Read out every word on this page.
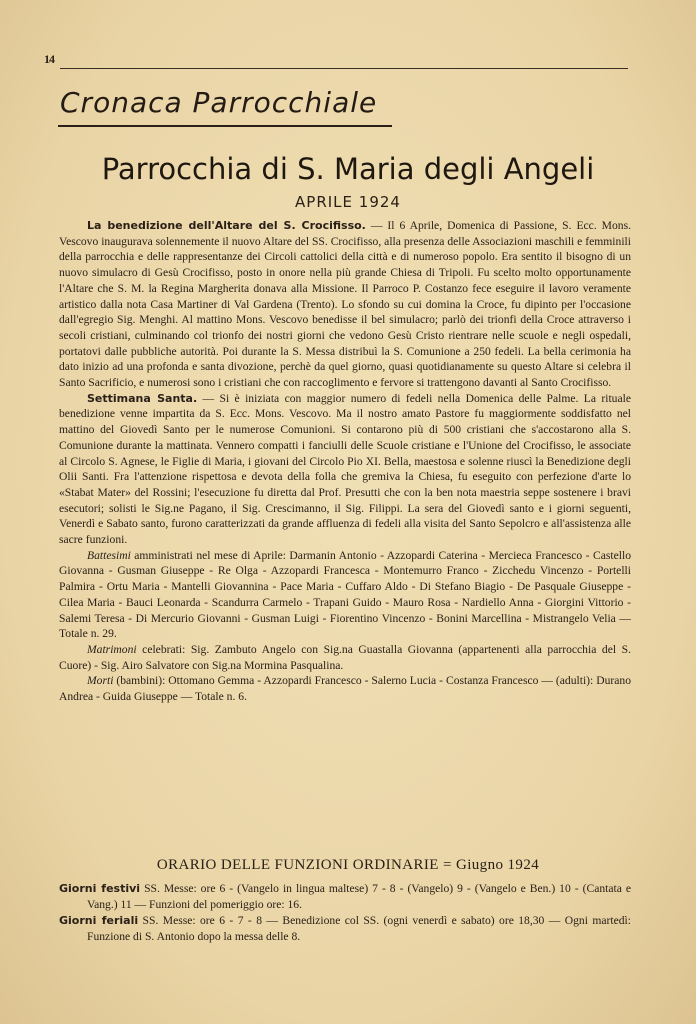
14
Cronaca Parrocchiale
Parrocchia di S. Maria degli Angeli
APRILE 1924

La benedizione dell'Altare del S. Crocifisso. — Il 6 Aprile, Domenica di Passione, S. Ecc. Mons. Vescovo inaugurava solennemente il nuovo Altare del SS. Crocifisso, alla presenza delle Associazioni maschili e femminili della parrocchia e delle rappresentanze dei Circoli cattolici della città e di numeroso popolo. Era sentito il bisogno di un nuovo simulacro di Gesù Crocifisso, posto in onore nella più grande Chiesa di Tripoli. Fu scelto molto opportunamente l'Altare che S. M. la Regina Margherita donava alla Missione. Il Parroco P. Costanzo fece eseguire il lavoro veramente artistico dalla nota Casa Martiner di Val Gardena (Trento). Lo sfondo su cui domina la Croce, fu dipinto per l'occasione dall'egregio Sig. Menghi. Al mattino Mons. Vescovo benedisse il bel simulacro; parlò dei trionfi della Croce attraverso i secoli cristiani, culminando col trionfo dei nostri giorni che vedono Gesù Cristo rientrare nelle scuole e negli ospedali, portatovi dalle pubbliche autorità. Poi durante la S. Messa distribuì la S. Comunione a 250 fedeli. La bella cerimonia ha dato inizio ad una profonda e santa divozione, perchè da quel giorno, quasi quotidianamente su questo Altare si celebra il Santo Sacrificio, e numerosi sono i cristiani che con raccoglimento e fervore si trattengono davanti al Santo Crocifisso.

Settimana Santa. — Si è iniziata con maggior numero di fedeli nella Domenica delle Palme. La rituale benedizione venne impartita da S. Ecc. Mons. Vescovo. Ma il nostro amato Pastore fu maggiormente soddisfatto nel mattino del Giovedì Santo per le numerose Comunioni. Si contarono più di 500 cristiani che s'accostarono alla S. Comunione durante la mattinata. Vennero compatti i fanciulli delle Scuole cristiane e l'Unione del Crocifisso, le associate al Circolo S. Agnese, le Figlie di Maria, i giovani del Circolo Pio XI. Bella, maestosa e solenne riuscì la Benedizione degli Olii Santi. Fra l'attenzione rispettosa e devota della folla che gremiva la Chiesa, fu eseguito con perfezione d'arte lo «Stabat Mater» del Rossini; l'esecuzione fu diretta dal Prof. Presutti che con la ben nota maestria seppe sostenere i bravi esecutori; solisti le Sig.ne Pagano, il Sig. Crescimanno, il Sig. Filippi. La sera del Giovedì santo e i giorni seguenti, Venerdì e Sabato santo, furono caratterizzati da grande affluenza di fedeli alla visita del Santo Sepolcro e all'assistenza alle sacre funzioni.

Battesimi amministrati nel mese di Aprile: Darmanin Antonio - Azzopardi Caterina - Mercieca Francesco - Castello Giovanna - Gusman Giuseppe - Re Olga - Azzopardi Francesca - Montemurro Franco - Zicchedu Vincenzo - Portelli Palmira - Ortu Maria - Mantelli Giovannina - Pace Maria - Cuffaro Aldo - Di Stefano Biagio - De Pasquale Giuseppe - Cilea Maria - Bauci Leonarda - Scandurra Carmelo - Trapani Guido - Mauro Rosa - Nardiello Anna - Giorgini Vittorio - Salemi Teresa - Di Mercurio Giovanni - Gusman Luigi - Fiorentino Vincenzo - Bonini Marcellina - Mistrangelo Velia — Totale n. 29.

Matrimoni celebrati: Sig. Zambuto Angelo con Sig.na Guastalla Giovanna (appartenenti alla parrocchia del S. Cuore) - Sig. Airo Salvatore con Sig.na Mormina Pasqualina.

Morti (bambini): Ottomano Gemma - Azzopardi Francesco - Salerno Lucia - Costanza Francesco — (adulti): Durano Andrea - Guida Giuseppe — Totale n. 6.

ORARIO DELLE FUNZIONI ORDINARIE = Giugno 1924

Giorni festivi SS. Messe: ore 6 - (Vangelo in lingua maltese) 7 - 8 - (Vangelo) 9 - (Vangelo e Ben.) 10 - (Cantata e Vang.) 11 — Funzioni del pomeriggio ore: 16.

Giorni feriali SS. Messe: ore 6 - 7 - 8 — Benedizione col SS. (ogni venerdì e sabato) ore 18,30 — Ogni martedì: Funzione di S. Antonio dopo la messa delle 8.
